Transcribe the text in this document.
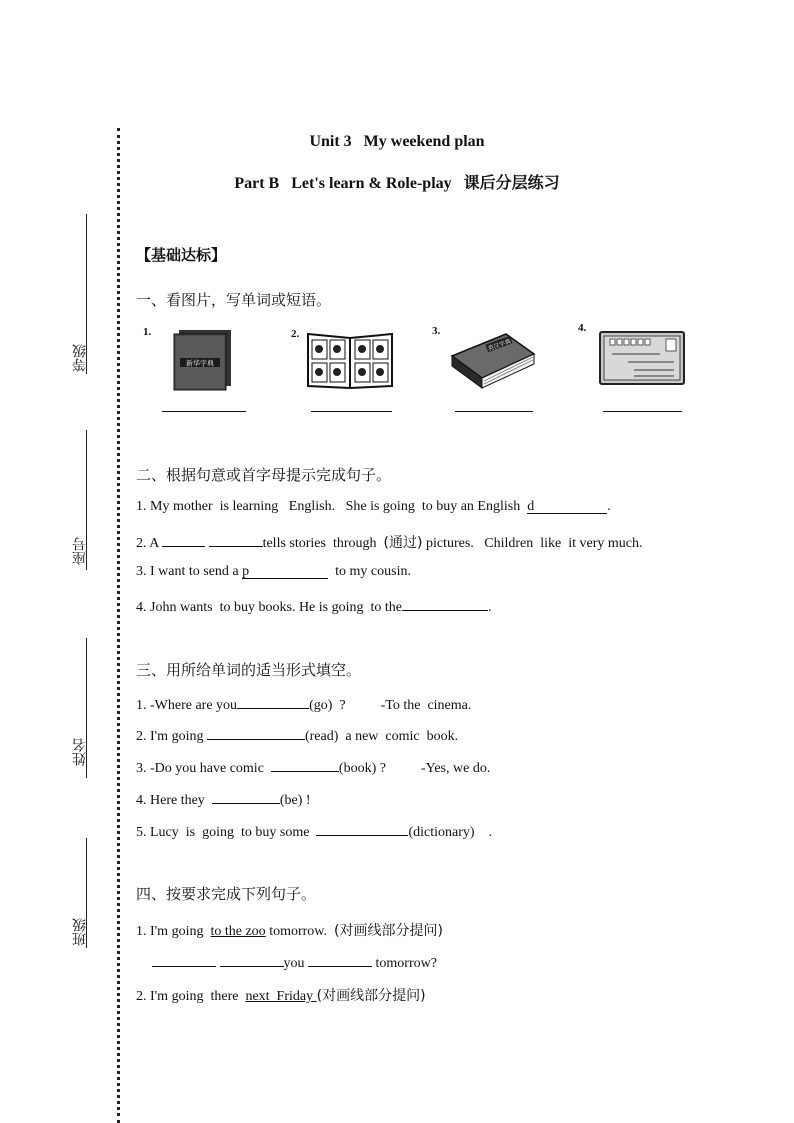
等级
座号
姓名
班级
Unit 3   My weekend plan
Part B   Let's learn & Role-play 课后分层练习
【基础达标】
一、看图片，写单词或短语。
1.
新华字典
2.	3.
英汉字典
4.
二、根据句意或首字母提示完成句子。
1. My mother  is learning   English.   She is going  to buy an English  d	.
2. A	tells stories  through  (通过) pictures.   Children  like  it very much.
3. I want to send a p	to my cousin.
4. John wants  to buy books. He is going  to the	.
三、用所给单词的适当形式填空。
1. -Where are you	(go)  ?          -To the  cinema.
2. I'm going	(read)  a new  comic  book.
3. -Do you have comic	(book) ?          -Yes, we do.
4. Here they	(be) !
5. Lucy  is  going  to buy some	(dictionary)    .
四、按要求完成下列句子。
1. I'm going  to the zoo tomorrow.  (对画线部分提问)
you	tomorrow?
2. I'm going  there  next  Friday (对画线部分提问)
